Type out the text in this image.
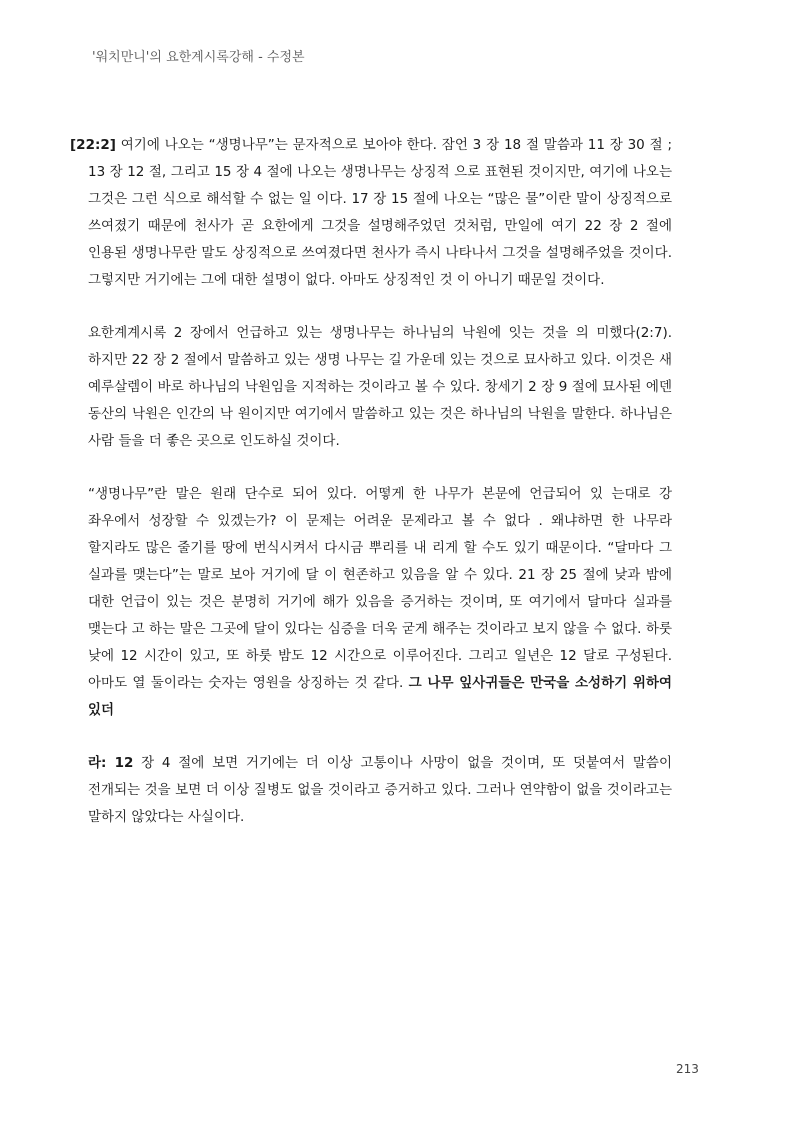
'워치만니'의 요한계시록강해 - 수정본

[22:2] 여기에 나오는 “생명나무”는 문자적으로 보아야 한다. 잠언 3 장 18 절 말씀과 11 장 30 절 ; 13 장 12 절, 그리고 15 장 4 절에 나오는 생명나무는 상징적 으로 표현된 것이지만, 여기에 나오는 그것은 그런 식으로 해석할 수 없는 일 이다. 17 장 15 절에 나오는 “많은 물”이란 말이 상징적으로 쓰여졌기 때문에 천사가 곧 요한에게 그것을 설명해주었던 것처럼, 만일에 여기 22 장 2 절에 인용된 생명나무란 말도 상징적으로 쓰여졌다면 천사가 즉시 나타나서 그것을 설명해주었을 것이다. 그렇지만 거기에는 그에 대한 설명이 없다. 아마도 상징적인 것 이 아니기 때문일 것이다.

요한계계시록 2 장에서 언급하고 있는 생명나무는 하나님의 낙원에 잇는 것을 의 미했다(2:7). 하지만 22 장 2 절에서 말씀하고 있는 생명 나무는 길 가운데 있는 것으로 묘사하고 있다. 이것은 새 예루살렘이 바로 하나님의 낙원임을 지적하는 것이라고 볼 수 있다. 창세기 2 장 9 절에 묘사된 에덴 동산의 낙원은 인간의 낙 원이지만 여기에서 말씀하고 있는 것은 하나님의 낙원을 말한다. 하나님은 사람 들을 더 좋은 곳으로 인도하실 것이다.

“생명나무”란 말은 원래 단수로 되어 있다. 어떻게 한 나무가 본문에 언급되어 있 는대로 강 좌우에서 성장할 수 있겠는가? 이 문제는 어려운 문제라고 볼 수 없다 . 왜냐하면 한 나무라 할지라도 많은 줄기를 땅에 번식시켜서 다시금 뿌리를 내 리게 할 수도 있기 때문이다. “달마다 그 실과를 맺는다”는 말로 보아 거기에 달 이 현존하고 있음을 알 수 있다. 21 장 25 절에 낮과 밤에 대한 언급이 있는 것은 분명히 거기에 해가 있음을 증거하는 것이며, 또 여기에서 달마다 실과를 맺는다 고 하는 말은 그곳에 달이 있다는 심증을 더욱 굳게 해주는 것이라고 보지 않을 수 없다. 하룻 낮에 12 시간이 있고, 또 하룻 밤도 12 시간으로 이루어진다. 그리고 일년은 12 달로 구성된다. 아마도 열 둘이라는 숫자는 영원을 상징하는 것 같다. 그 나무 잎사귀들은 만국을 소성하기 위하여 있더

라: 12 장 4 절에 보면 거기에는 더 이상 고통이나 사망이 없을 것이며, 또 덧붙여서 말씀이 전개되는 것을 보면 더 이상 질병도 없을 것이라고 증거하고 있다. 그러나 연약함이 없을 것이라고는 말하지 않았다는 사실이다.

213
